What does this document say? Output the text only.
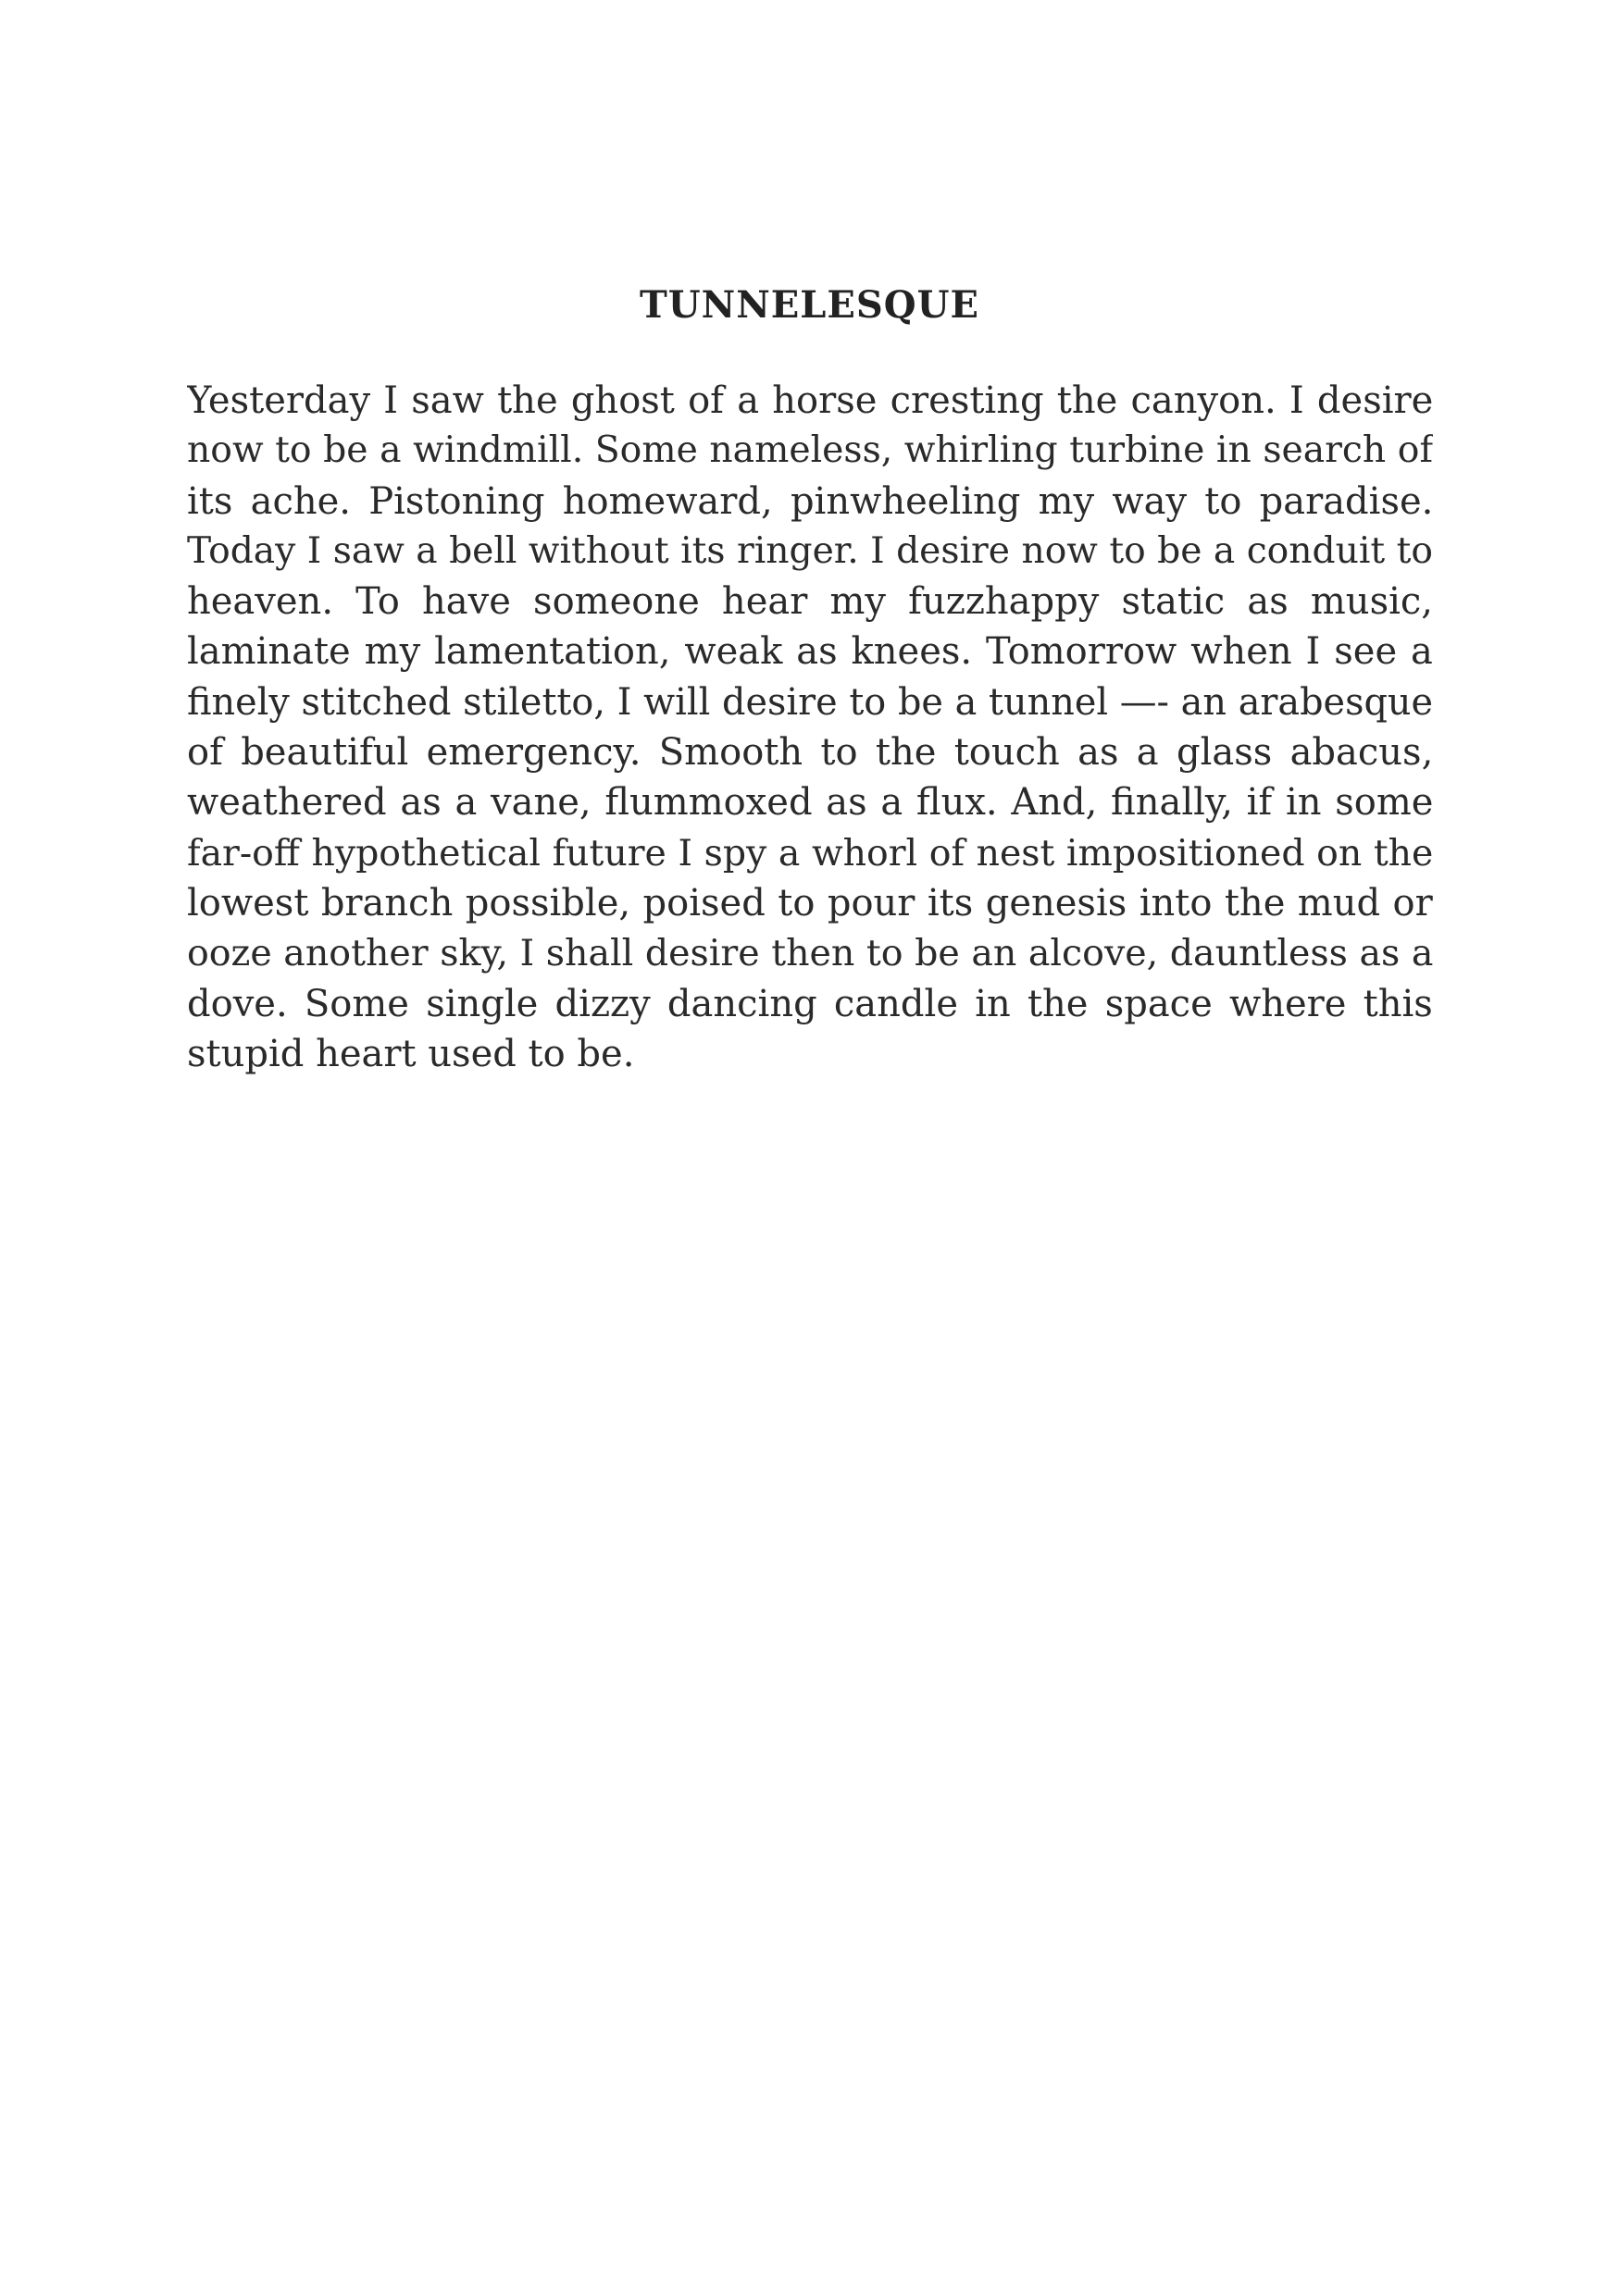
TUNNELESQUE
Yesterday I saw the ghost of a horse cresting the canyon. I desire
now to be a windmill. Some nameless, whirling turbine in search of
its ache. Pistoning homeward, pinwheeling my way to paradise.
Today I saw a bell without its ringer. I desire now to be a conduit to
heaven. To have someone hear my fuzzhappy static as music,
laminate my lamentation, weak as knees. Tomorrow when I see a
finely stitched stiletto, I will desire to be a tunnel —- an arabesque
of beautiful emergency. Smooth to the touch as a glass abacus,
weathered as a vane, flummoxed as a flux. And, finally, if in some
far-off hypothetical future I spy a whorl of nest impositioned on the
lowest branch possible, poised to pour its genesis into the mud or
ooze another sky, I shall desire then to be an alcove, dauntless as a
dove. Some single dizzy dancing candle in the space where this
stupid heart used to be.
